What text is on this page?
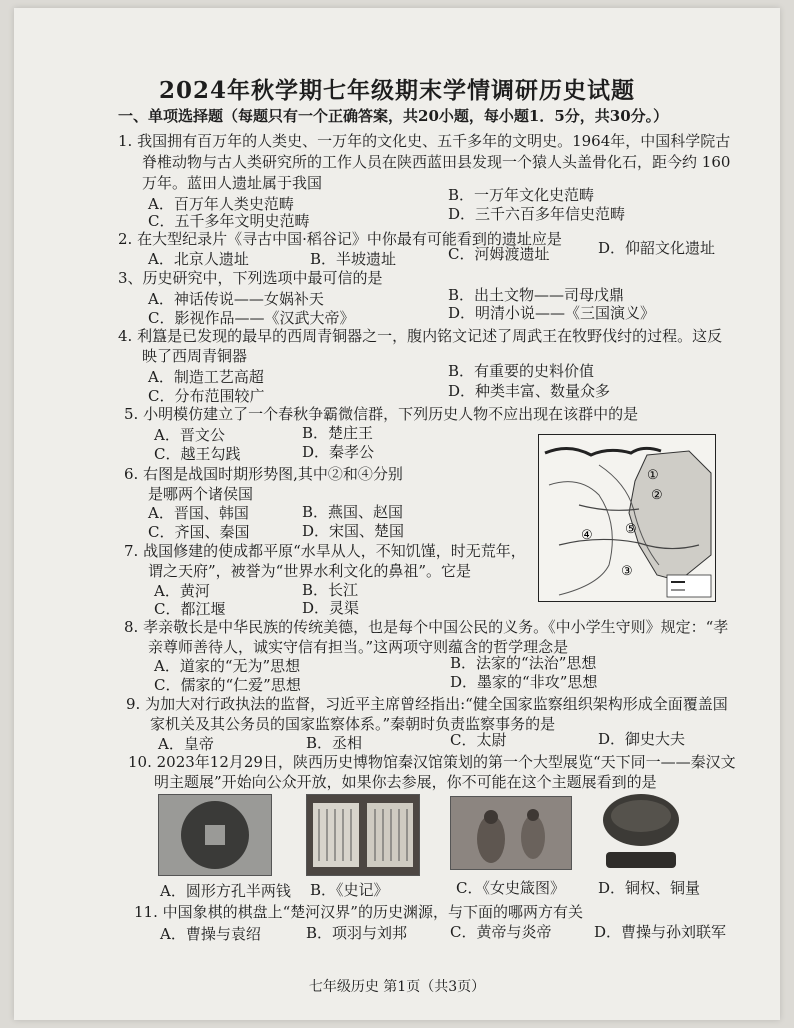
2024年秋学期七年级期末学情调研历史试题
一、单项选择题（每题只有一个正确答案，共20小题，每小题1．5分，共30分。）
1. 我国拥有百万年的人类史、一万年的文化史、五千多年的文明史。1964年，中国科学院古
脊椎动物与古人类研究所的工作人员在陕西蓝田县发现一个猿人头盖骨化石，距今约 160
万年。蓝田人遗址属于我国
A．百万年人类史范畴	B．一万年文化史范畴
C．五千多年文明史范畴	D．三千六百多年信史范畴
2. 在大型纪录片《寻古中国·稻谷记》中你最有可能看到的遗址应是
A．北京人遗址	B．半坡遗址	C．河姆渡遗址	D．仰韶文化遗址
3、历史研究中，下列选项中最可信的是
A．神话传说——女娲补天	B．出土文物——司母戊鼎
C．影视作品——《汉武大帝》	D．明清小说——《三国演义》
4. 利簋是已发现的最早的西周青铜器之一，腹内铭文记述了周武王在牧野伐纣的过程。这反
映了西周青铜器
A．制造工艺高超	B．有重要的史料价值
C．分布范围较广	D．种类丰富、数量众多
5. 小明模仿建立了一个春秋争霸微信群，下列历史人物不应出现在该群中的是
A．晋文公	B．楚庄王
C．越王勾践	D．秦孝公
6. 右图是战国时期形势图,其中②和④分别
是哪两个诸侯国
A．晋国、韩国	B．燕国、赵国
C．齐国、秦国	D．宋国、楚国
7. 战国修建的使成都平原“水旱从人，不知饥馑，时无荒年，
谓之天府”，被誉为“世界水利文化的鼻祖”。它是
A．黄河	B．长江
C．都江堰	D．灵渠
8. 孝亲敬长是中华民族的传统美德，也是每个中国公民的义务。《中小学生守则》规定：“孝
亲尊师善待人，诚实守信有担当。”这两项守则蕴含的哲学理念是
A．道家的“无为”思想	B．法家的“法治”思想
C．儒家的“仁爱”思想	D．墨家的“非攻”思想
9. 为加大对行政执法的监督，习近平主席曾经指出:“健全国家监察组织架构形成全面覆盖国
家机关及其公务员的国家监察体系。”秦朝时负责监察事务的是
A．皇帝	B．丞相	C．太尉	D．御史大夫
10. 2023年12月29日，陕西历史博物馆秦汉馆策划的第一个大型展览“天下同一——秦汉文
明主题展”开始向公众开放，如果你去参展，你不可能在这个主题展看到的是
A．圆形方孔半两钱 B．《史记》	C．《女史箴图》 D．铜权、铜量
11. 中国象棋的棋盘上“楚河汉界”的历史渊源，与下面的哪两方有关
A．曹操与袁绍	B．项羽与刘邦	C．黄帝与炎帝	D．曹操与孙刘联军
①
②
③
④ ⑤
七年级历史 第1页（共3页）
